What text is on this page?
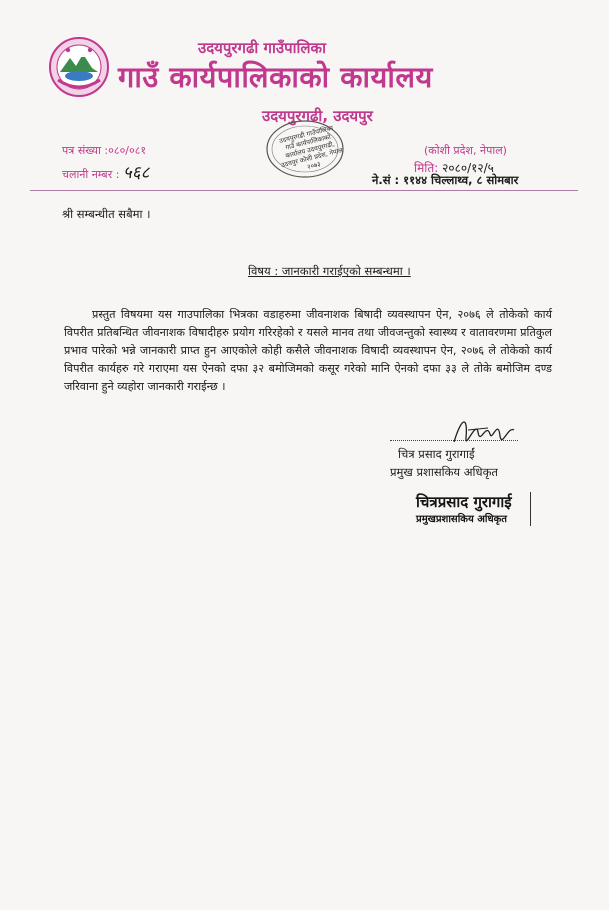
उदयपुरगढी गाउँपालिका
गाउँ कार्यपालिकाको कार्यालय
उदयपुरगढी, उदयपुर
पत्र संख्या :०८०/०८१
चलानी नम्बर : ५६८
(कोशी प्रदेश, नेपाल)
मिति: २०८०/१२/५
उदयपुरगढी गाउँपालिका गाउँ कार्यपालिकाको कार्यालय उदयपुरगढी, उदयपुर कोशी प्रदेश, नेपाल २०७३
ने.सं : ११४४ चिल्लाथ्व, ८ सोमबार
श्री सम्बन्धीत सबैमा ।
विषय : जानकारी गराईएको सम्बन्धमा ।
प्रस्तुत विषयमा यस गाउपालिका भित्रका वडाहरुमा जीवनाशक बिषादी व्यवस्थापन ऐन, २०७६ ले तोकेको कार्य विपरीत प्रतिबन्धित जीवनाशक विषादीहरु प्रयोग गरिरहेको र यसले मानव तथा जीवजन्तुको स्वास्थ्य र वातावरणमा प्रतिकुल प्रभाव पारेको भन्ने जानकारी प्राप्त हुन आएकोले कोही कसैले जीवनाशक विषादी व्यवस्थापन ऐन, २०७६ ले तोकेको कार्य विपरीत कार्यहरु गरे गराएमा यस ऐनको दफा ३२ बमोजिमको कसूर गरेको मानि ऐनको दफा ३३ ले तोके बमोजिम दण्ड जरिवाना हुने व्यहोरा जानकारी गराईन्छ ।
चित्र प्रसाद गुरागाईं
प्रमुख प्रशासकिय अधिकृत
चित्रप्रसाद गुरागाई
प्रमुखप्रशासकिय अधिकृत
